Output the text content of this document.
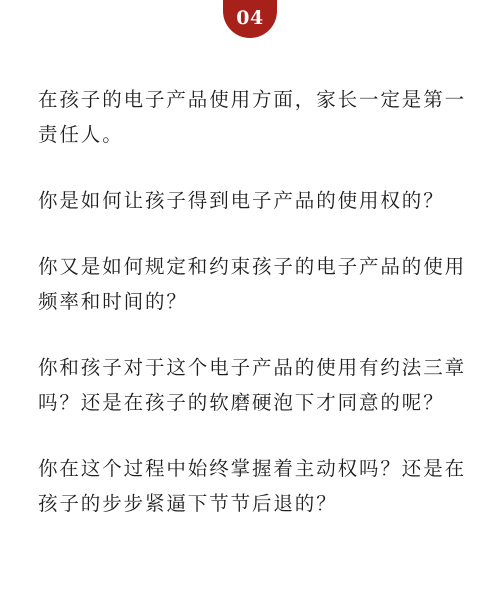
04

在孩子的电子产品使用方面，家长一定是第一责任人。

你是如何让孩子得到电子产品的使用权的？

你又是如何规定和约束孩子的电子产品的使用频率和时间的？

你和孩子对于这个电子产品的使用有约法三章吗？还是在孩子的软磨硬泡下才同意的呢？

你在这个过程中始终掌握着主动权吗？还是在孩子的步步紧逼下节节后退的？
